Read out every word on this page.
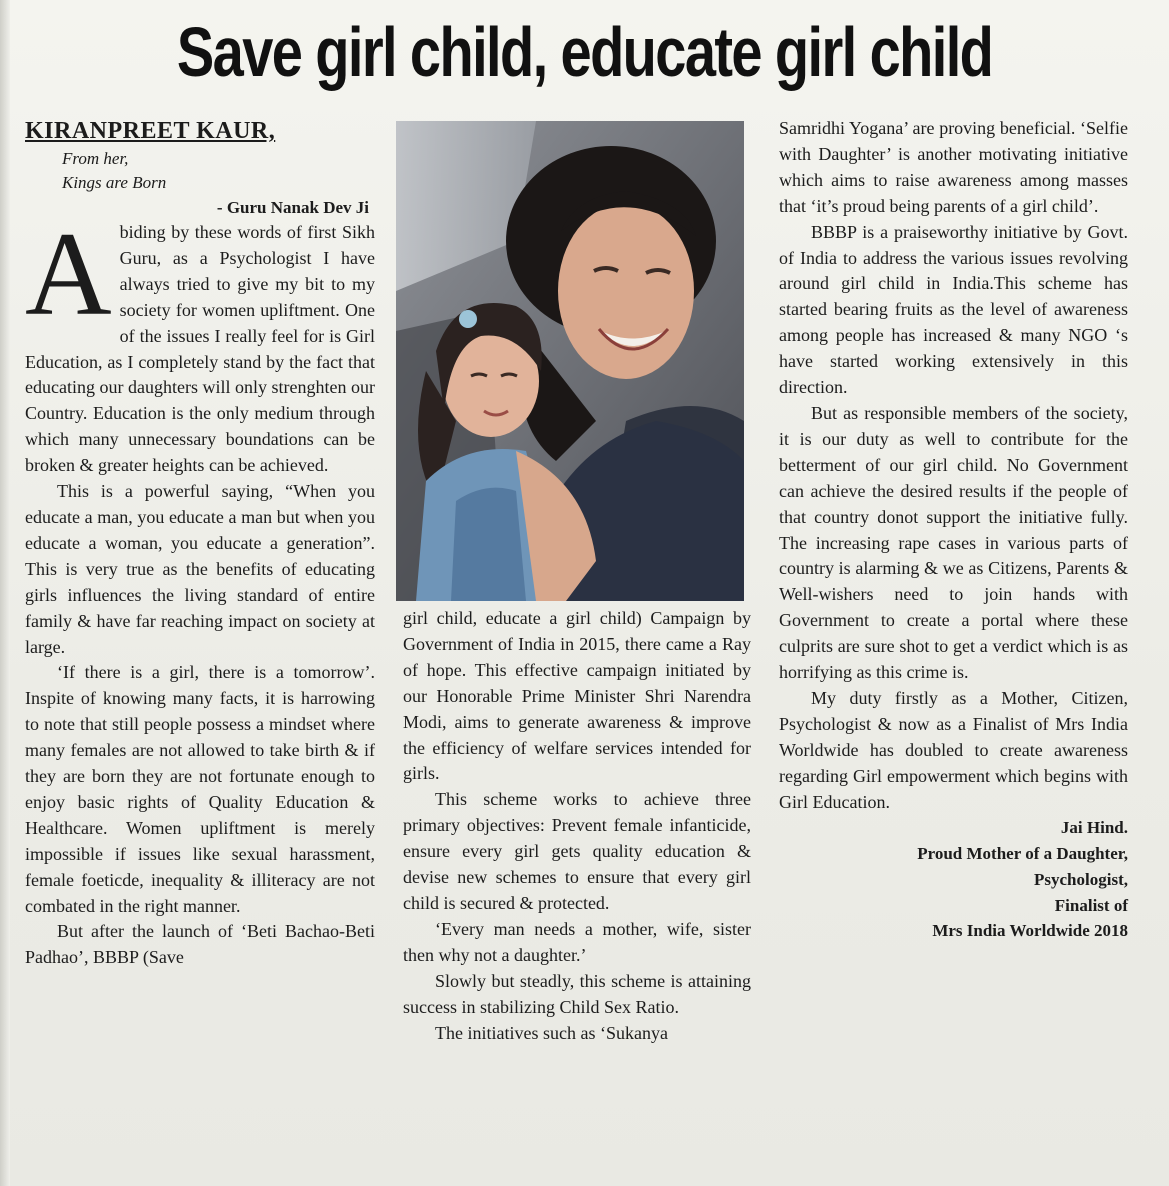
Save girl child, educate girl child
KIRANPREET KAUR,
From her,
Kings are Born
- Guru Nanak Dev Ji

Abiding by these words of first Sikh Guru, as a Psychologist I have always tried to give my bit to my society for women upliftment. One of the issues I really feel for is Girl Education, as I completely stand by the fact that educating our daughters will only strenghten our Country. Education is the only medium through which many unnecessary boundations can be broken & greater heights can be achieved.

This is a powerful saying, “When you educate a man, you educate a man but when you educate a woman, you educate a generation”. This is very true as the benefits of educating girls influences the living standard of entire family & have far reaching impact on society at large.

‘If there is a girl, there is a tomorrow’. Inspite of knowing many facts, it is harrowing to note that still people possess a mindset where many females are not allowed to take birth & if they are born they are not fortunate enough to enjoy basic rights of Quality Education & Healthcare. Women upliftment is merely impossible if issues like sexual harassment, female foeticde, inequality & illiteracy are not combated in the right manner.

But after the launch of ‘Beti Bachao-Beti Padhao’, BBBP (Save

girl child, educate a girl child) Campaign by Government of India in 2015, there came a Ray of hope. This effective campaign initiated by our Honorable Prime Minister Shri Narendra Modi, aims to generate awareness & improve the efficiency of welfare services intended for girls.

This scheme works to achieve three primary objectives: Prevent female infanticide, ensure every girl gets quality education & devise new schemes to ensure that every girl child is secured & protected.

‘Every man needs a mother, wife, sister then why not a daughter.’

Slowly but steadly, this scheme is attaining success in stabilizing Child Sex Ratio.

The initiatives such as ‘Sukanya

Samridhi Yogana’ are proving beneficial. ‘Selfie with Daughter’ is another motivating initiative which aims to raise awareness among masses that ‘it’s proud being parents of a girl child’.

BBBP is a praiseworthy initiative by Govt. of India to address the various issues revolving around girl child in India.This scheme has started bearing fruits as the level of awareness among people has increased & many NGO ‘s have started working extensively in this direction.

But as responsible members of the society, it is our duty as well to contribute for the betterment of our girl child. No Government can achieve the desired results if the people of that country donot support the initiative fully. The increasing rape cases in various parts of country is alarming & we as Citizens, Parents & Well-wishers need to join hands with Government to create a portal where these culprits are sure shot to get a verdict which is as horrifying as this crime is.

My duty firstly as a Mother, Citizen, Psychologist & now as a Finalist of Mrs India Worldwide has doubled to create awareness regarding Girl empowerment which begins with Girl Education.

Jai Hind.
Proud Mother of a Daughter,
Psychologist,
Finalist of
Mrs India Worldwide 2018
